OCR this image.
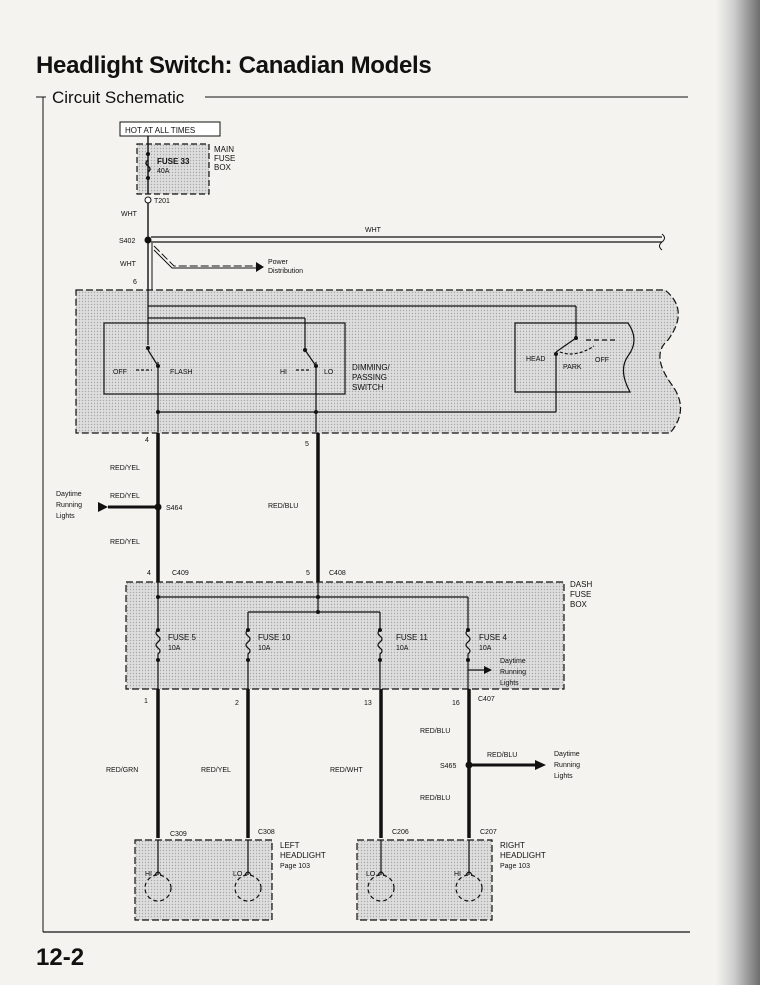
Headlight Switch: Canadian Models
Circuit Schematic
12-2
HOT AT ALL TIMES
FUSE 33
40A
MAIN
FUSE
BOX
T201
WHT
S402
WHT
WHT	Power
Distribution
6
OFF	FLASH	HI	LO
DIMMING/
PASSING
SWITCH
HEAD
PARK
OFF
4
5
RED/YEL
RED/YEL
RED/YEL
RED/BLU
Daytime
Running
Lights
S464
4	C409	5	C408
DASH
FUSE
BOX
FUSE 5
10A
FUSE 10
10A
FUSE 11
10A
FUSE 4
10A
Daytime
Running
Lights
1	2	13	16
C407
RED/GRN	RED/YEL	RED/WHT
RED/BLU
RED/BLU
S465
RED/BLU	Daytime
Running
Lights
C309	C308	C206	C207
HI	LO
LEFT
HEADLIGHT
Page 103
LO	HI
RIGHT
HEADLIGHT
Page 103
